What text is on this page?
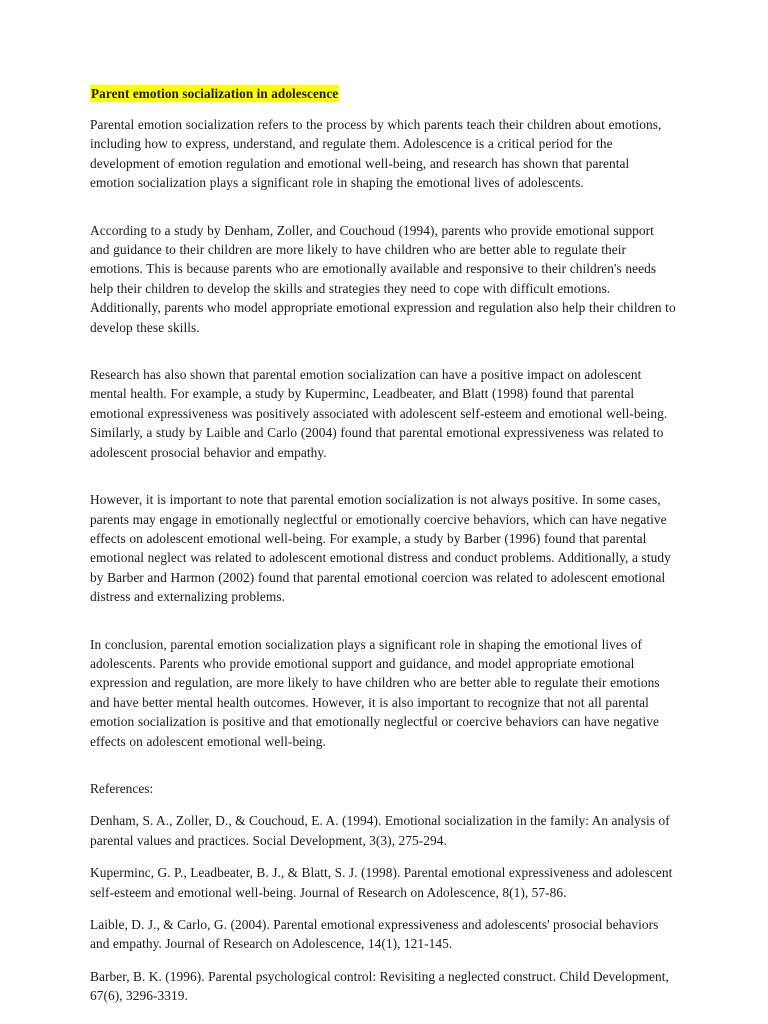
Parent emotion socialization in adolescence

Parental emotion socialization refers to the process by which parents teach their children about emotions, including how to express, understand, and regulate them. Adolescence is a critical period for the development of emotion regulation and emotional well-being, and research has shown that parental emotion socialization plays a significant role in shaping the emotional lives of adolescents.

According to a study by Denham, Zoller, and Couchoud (1994), parents who provide emotional support and guidance to their children are more likely to have children who are better able to regulate their emotions. This is because parents who are emotionally available and responsive to their children's needs help their children to develop the skills and strategies they need to cope with difficult emotions. Additionally, parents who model appropriate emotional expression and regulation also help their children to develop these skills.

Research has also shown that parental emotion socialization can have a positive impact on adolescent mental health. For example, a study by Kuperminc, Leadbeater, and Blatt (1998) found that parental emotional expressiveness was positively associated with adolescent self-esteem and emotional well-being. Similarly, a study by Laible and Carlo (2004) found that parental emotional expressiveness was related to adolescent prosocial behavior and empathy.

However, it is important to note that parental emotion socialization is not always positive. In some cases, parents may engage in emotionally neglectful or emotionally coercive behaviors, which can have negative effects on adolescent emotional well-being. For example, a study by Barber (1996) found that parental emotional neglect was related to adolescent emotional distress and conduct problems. Additionally, a study by Barber and Harmon (2002) found that parental emotional coercion was related to adolescent emotional distress and externalizing problems.

In conclusion, parental emotion socialization plays a significant role in shaping the emotional lives of adolescents. Parents who provide emotional support and guidance, and model appropriate emotional expression and regulation, are more likely to have children who are better able to regulate their emotions and have better mental health outcomes. However, it is also important to recognize that not all parental emotion socialization is positive and that emotionally neglectful or coercive behaviors can have negative effects on adolescent emotional well-being.

References:

Denham, S. A., Zoller, D., & Couchoud, E. A. (1994). Emotional socialization in the family: An analysis of parental values and practices. Social Development, 3(3), 275-294.

Kuperminc, G. P., Leadbeater, B. J., & Blatt, S. J. (1998). Parental emotional expressiveness and adolescent self-esteem and emotional well-being. Journal of Research on Adolescence, 8(1), 57-86.

Laible, D. J., & Carlo, G. (2004). Parental emotional expressiveness and adolescents' prosocial behaviors and empathy. Journal of Research on Adolescence, 14(1), 121-145.

Barber, B. K. (1996). Parental psychological control: Revisiting a neglected construct. Child Development, 67(6), 3296-3319.
